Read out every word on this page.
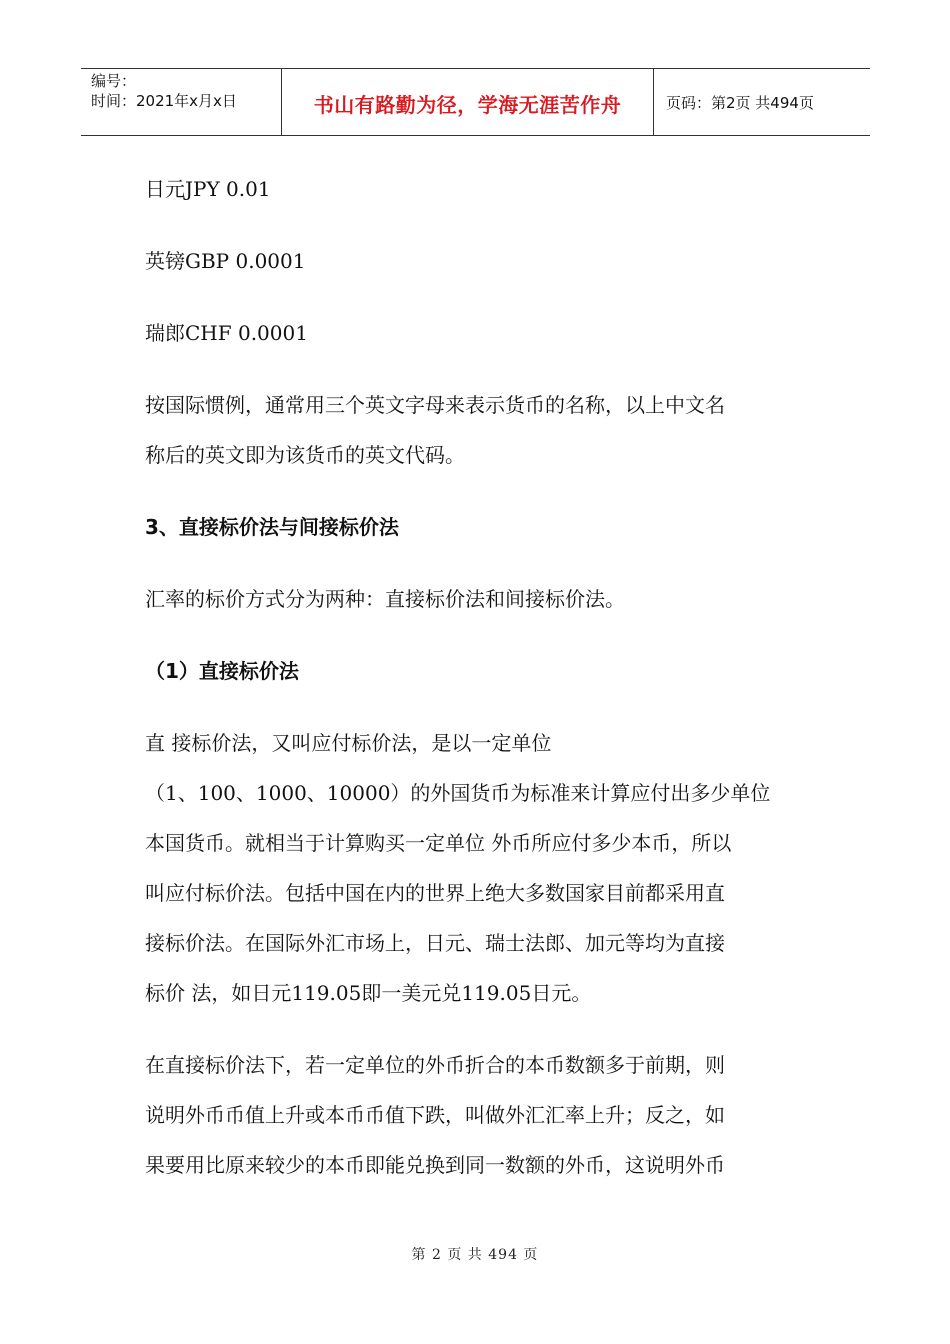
编号：
时间：2021年x月x日	书山有路勤为径，学海无涯苦作舟	页码：第2页 共494页

日元JPY 0.01

英镑GBP 0.0001

瑞郎CHF 0.0001

按国际惯例，通常用三个英文字母来表示货币的名称，以上中文名

称后的英文即为该货币的英文代码。

3、直接标价法与间接标价法

汇率的标价方式分为两种：直接标价法和间接标价法。

（1）直接标价法

直 接标价法，又叫应付标价法，是以一定单位

（1、100、1000、10000）的外国货币为标准来计算应付出多少单位

本国货币。就相当于计算购买一定单位 外币所应付多少本币，所以

叫应付标价法。包括中国在内的世界上绝大多数国家目前都采用直

接标价法。在国际外汇市场上，日元、瑞士法郎、加元等均为直接

标价 法，如日元119.05即一美元兑119.05日元。

在直接标价法下，若一定单位的外币折合的本币数额多于前期，则

说明外币币值上升或本币币值下跌，叫做外汇汇率上升；反之，如

果要用比原来较少的本币即能兑换到同一数额的外币，这说明外币

第 2 页 共 494 页
